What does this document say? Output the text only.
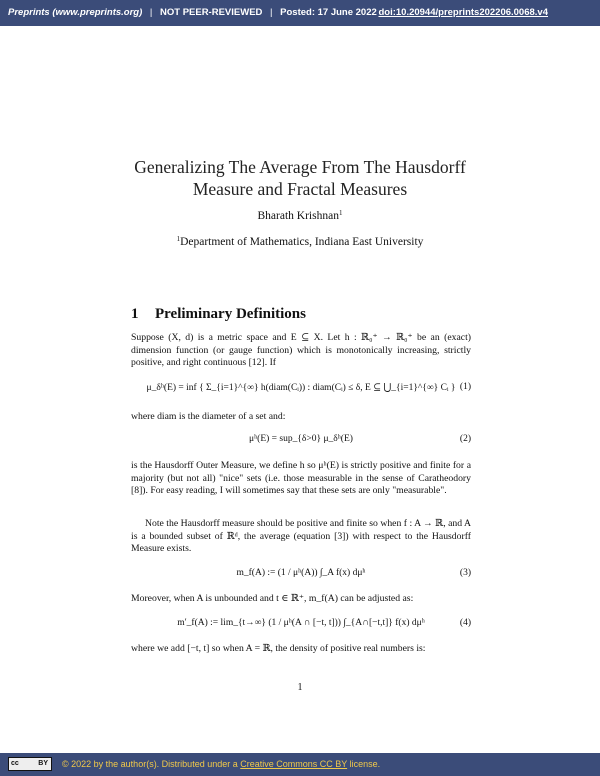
Preprints (www.preprints.org) | NOT PEER-REVIEWED | Posted: 17 June 2022 doi:10.20944/preprints202206.0068.v4
Generalizing The Average From The Hausdorff
Measure and Fractal Measures
Bharath Krishnan$^1$
$^1$Department of Mathematics, Indiana East University
1 Preliminary Definitions
Suppose (X, d) is a metric space and E ⊆ X. Let h : ℝ₀⁺ → ℝ₀⁺ be an (exact) dimension function (or gauge function) which is monotonically increasing, strictly positive, and right continuous [12]. If
μ_δʰ(E) = inf { Σ_{i=1}^{∞} h(diam(Cᵢ)) : diam(Cᵢ) ≤ δ, E ⊆ ⋃_{i=1}^{∞} Cᵢ } (1)
where diam is the diameter of a set and:
μʰ(E) = sup_{δ>0} μ_δʰ(E)	(2)
is the Hausdorff Outer Measure, we define h so μʰ(E) is strictly positive and finite for a majority (but not all) "nice" sets (i.e. those measurable in the sense of Caratheodory [8]). For easy reading, I will sometimes say that these sets are only "measurable".
Note the Hausdorff measure should be positive and finite so when f : A → ℝ, and A is a bounded subset of ℝᵈ, the average (equation [3]) with respect to the Hausdorff Measure exists.
m_f(A) := (1 / μʰ(A)) ∫_A f(x) dμʰ	(3)
Moreover, when A is unbounded and t ∈ ℝ⁺, m_f(A) can be adjusted as:
m′_f(A) := lim_{t→∞} (1 / μʰ(A ∩ [−t, t])) ∫_{A∩[−t,t]} f(x) dμʰ	(4)
where we add [−t, t] so when A = ℝ, the density of positive real numbers is:
1
cc	BY © 2022 by the author(s). Distributed under a Creative Commons CC BY license.
